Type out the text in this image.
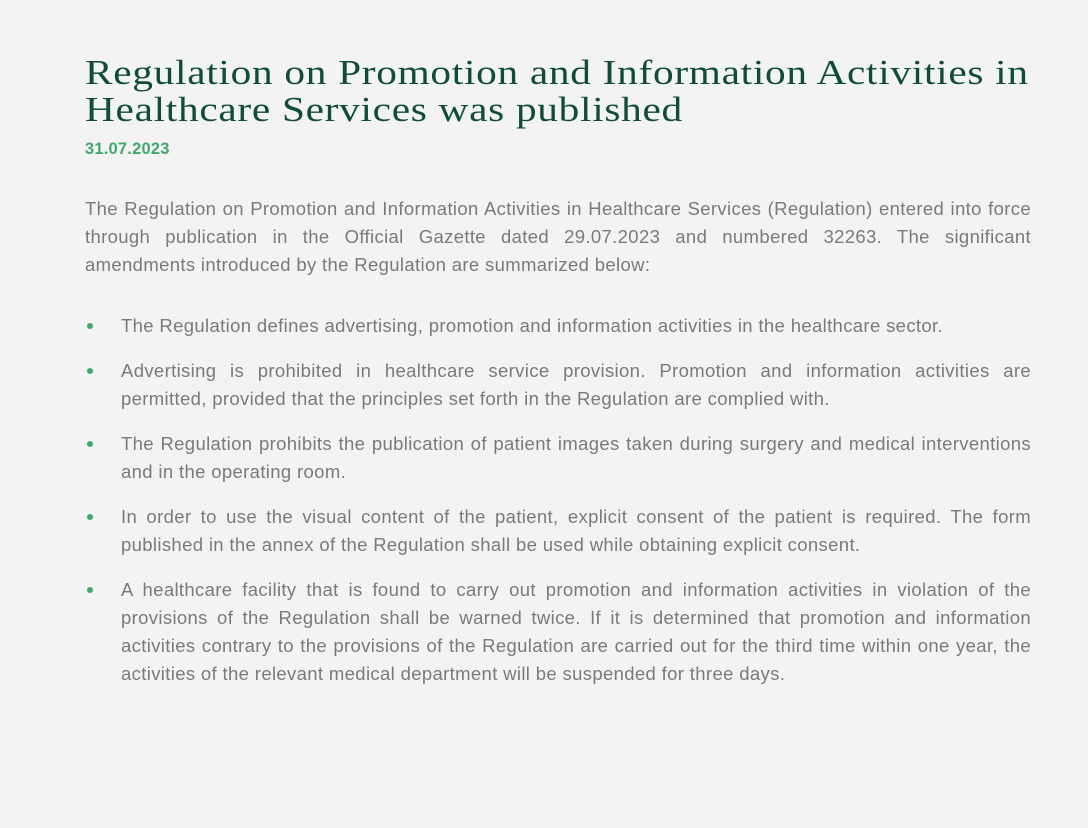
Regulation on Promotion and Information Activities in Healthcare Services was published
31.07.2023

The Regulation on Promotion and Information Activities in Healthcare Services (Regulation) entered into force through publication in the Official Gazette dated 29.07.2023 and numbered 32263. The significant amendments introduced by the Regulation are summarized below:

The Regulation defines advertising, promotion and information activities in the healthcare sector.
Advertising is prohibited in healthcare service provision. Promotion and information activities are permitted, provided that the principles set forth in the Regulation are complied with.
The Regulation prohibits the publication of patient images taken during surgery and medical interventions and in the operating room.
In order to use the visual content of the patient, explicit consent of the patient is required. The form published in the annex of the Regulation shall be used while obtaining explicit consent.
A healthcare facility that is found to carry out promotion and information activities in violation of the provisions of the Regulation shall be warned twice. If it is determined that promotion and information activities contrary to the provisions of the Regulation are carried out for the third time within one year, the activities of the relevant medical department will be suspended for three days.
